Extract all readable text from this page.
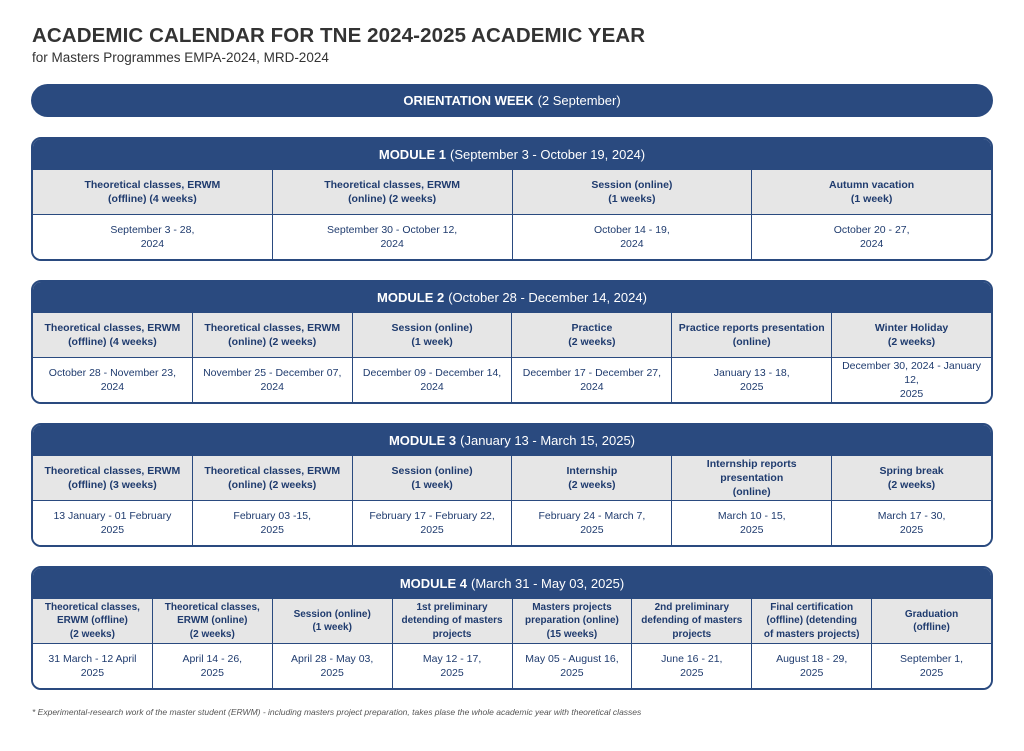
ACADEMIC CALENDAR FOR TNE 2024-2025 ACADEMIC YEAR
for Masters Programmes EMPA-2024, MRD-2024
ORIENTATION WEEK (2 September)
MODULE 1 (September 3 - October 19, 2024)
Theoretical classes, ERWM
(offline) (4 weeks)
Theoretical classes, ERWM
(online) (2 weeks)
Session (online)
(1 weeks)
Autumn vacation
(1 week)
September 3 - 28,
2024
September 30 - October 12,
2024
October 14 - 19,
2024
October 20 - 27,
2024
MODULE 2 (October 28 - December 14, 2024)
Theoretical classes, ERWM
(offline) (4 weeks)
Theoretical classes, ERWM
(online) (2 weeks)
Session (online)
(1 week)
Practice
(2 weeks)
Practice reports presentation
(online)
Winter Holiday
(2 weeks)
October 28 - November 23,
2024
November 25 - December 07,
2024
December 09 - December 14,
2024
December 17 - December 27,
2024
January 13 - 18,
2025
December 30, 2024 - January 12,
2025
MODULE 3 (January 13 - March 15, 2025)
Theoretical classes, ERWM
(offline) (3 weeks)
Theoretical classes, ERWM
(online) (2 weeks)
Session (online)
(1 week)
Internship
(2 weeks)
Internship reports presentation
(online)
Spring break
(2 weeks)
13 January - 01 February
2025
February 03 -15,
2025
February 17 - February 22,
2025
February 24 - March 7,
2025
March 10 - 15,
2025
March 17 - 30,
2025
MODULE 4 (March 31 - May 03, 2025)
Theoretical classes,
ERWM (offline)
(2 weeks)
Theoretical classes,
ERWM (online)
(2 weeks)
Session (online)
(1 week)
1st preliminary
detending of masters
projects
Masters projects
preparation (online)
(15 weeks)
2nd preliminary
defending of masters
projects
Final certification
(offline) (detending
of masters projects)
Graduation
(offline)
31 March - 12 April
2025
April 14 - 26,
2025
April 28 - May 03,
2025
May 12 - 17,
2025
May 05 - August 16,
2025
June 16 - 21,
2025
August 18 - 29,
2025
September 1,
2025
* Experimental-research work of the master student (ERWM) - including masters project preparation, takes plase the whole academic year with theoretical classes
